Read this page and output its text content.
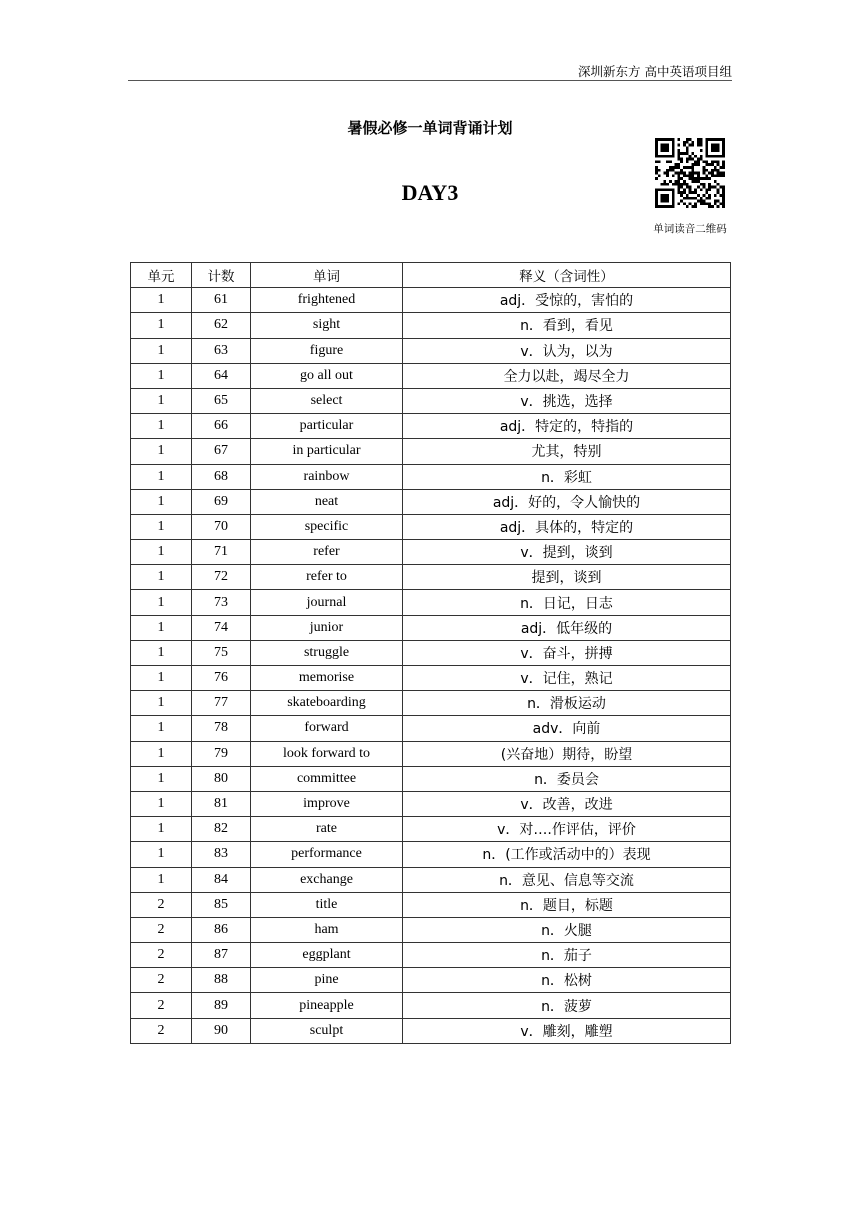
深圳新东方 高中英语项目组
暑假必修一单词背诵计划
DAY3
单词读音二维码
单元	计数	单词	释义（含词性）
1	61	frightened	adj．受惊的，害怕的
1	62	sight	n．看到，看见
1	63	figure	v．认为，以为
1	64	go all out	全力以赴，竭尽全力
1	65	select	v．挑选，选择
1	66	particular	adj．特定的，特指的
1	67	in particular	尤其，特别
1	68	rainbow	n．彩虹
1	69	neat	adj．好的，令人愉快的
1	70	specific	adj．具体的，特定的
1	71	refer	v．提到，谈到
1	72	refer to	提到，谈到
1	73	journal	n．日记，日志
1	74	junior	adj．低年级的
1	75	struggle	v．奋斗，拼搏
1	76	memorise	v．记住，熟记
1	77	skateboarding	n．滑板运动
1	78	forward	adv．向前
1	79	look forward to	(兴奋地）期待，盼望
1	80	committee	n．委员会
1	81	improve	v．改善，改进
1	82	rate	v．对….作评估，评价
1	83	performance	n．(工作或活动中的）表现
1	84	exchange	n．意见、信息等交流
2	85	title	n．题目，标题
2	86	ham	n．火腿
2	87	eggplant	n．茄子
2	88	pine	n．松树
2	89	pineapple	n．菠萝
2	90	sculpt	v．雕刻，雕塑
